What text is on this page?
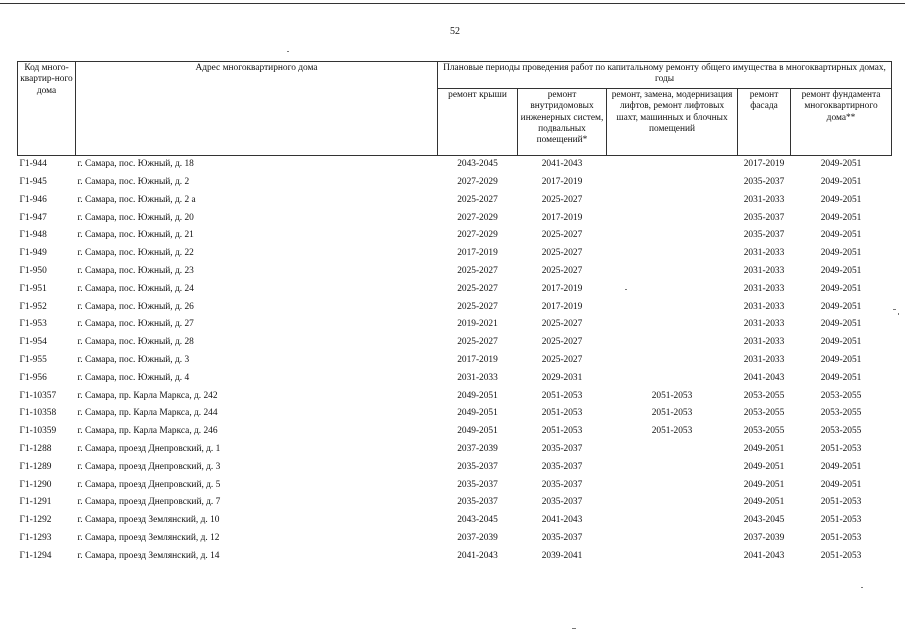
52
Код много-квартир-ного дома	Адрес многоквартирного дома	Плановые периоды проведения работ по капитальному ремонту общего имущества в многоквартирных домах, годы				
		ремонт крыши	ремонт внутридомовых инженерных систем, подвальных помещений*	ремонт, замена, модернизация лифтов, ремонт лифтовых шахт, машинных и блочных помещений	ремонт фасада	ремонт фундамента многоквартирного дома**
Г1-944	г. Самара, пос. Южный, д. 18	2043-2045	2041-2043		2017-2019	2049-2051
Г1-945	г. Самара, пос. Южный, д. 2	2027-2029	2017-2019		2035-2037	2049-2051
Г1-946	г. Самара, пос. Южный, д. 2 а	2025-2027	2025-2027		2031-2033	2049-2051
Г1-947	г. Самара, пос. Южный, д. 20	2027-2029	2017-2019		2035-2037	2049-2051
Г1-948	г. Самара, пос. Южный, д. 21	2027-2029	2025-2027		2035-2037	2049-2051
Г1-949	г. Самара, пос. Южный, д. 22	2017-2019	2025-2027		2031-2033	2049-2051
Г1-950	г. Самара, пос. Южный, д. 23	2025-2027	2025-2027		2031-2033	2049-2051
Г1-951	г. Самара, пос. Южный, д. 24	2025-2027	2017-2019		2031-2033	2049-2051
Г1-952	г. Самара, пос. Южный, д. 26	2025-2027	2017-2019		2031-2033	2049-2051
Г1-953	г. Самара, пос. Южный, д. 27	2019-2021	2025-2027		2031-2033	2049-2051
Г1-954	г. Самара, пос. Южный, д. 28	2025-2027	2025-2027		2031-2033	2049-2051
Г1-955	г. Самара, пос. Южный, д. 3	2017-2019	2025-2027		2031-2033	2049-2051
Г1-956	г. Самара, пос. Южный, д. 4	2031-2033	2029-2031		2041-2043	2049-2051
Г1-10357	г. Самара, пр. Карла Маркса, д. 242	2049-2051	2051-2053	2051-2053	2053-2055	2053-2055
Г1-10358	г. Самара, пр. Карла Маркса, д. 244	2049-2051	2051-2053	2051-2053	2053-2055	2053-2055
Г1-10359	г. Самара, пр. Карла Маркса, д. 246	2049-2051	2051-2053	2051-2053	2053-2055	2053-2055
Г1-1288	г. Самара, проезд Днепровский, д. 1	2037-2039	2035-2037		2049-2051	2051-2053
Г1-1289	г. Самара, проезд Днепровский, д. 3	2035-2037	2035-2037		2049-2051	2049-2051
Г1-1290	г. Самара, проезд Днепровский, д. 5	2035-2037	2035-2037		2049-2051	2049-2051
Г1-1291	г. Самара, проезд Днепровский, д. 7	2035-2037	2035-2037		2049-2051	2051-2053
Г1-1292	г. Самара, проезд Землянский, д. 10	2043-2045	2041-2043		2043-2045	2051-2053
Г1-1293	г. Самара, проезд Землянский, д. 12	2037-2039	2035-2037		2037-2039	2051-2053
Г1-1294	г. Самара, проезд Землянский, д. 14	2041-2043	2039-2041		2041-2043	2051-2053
